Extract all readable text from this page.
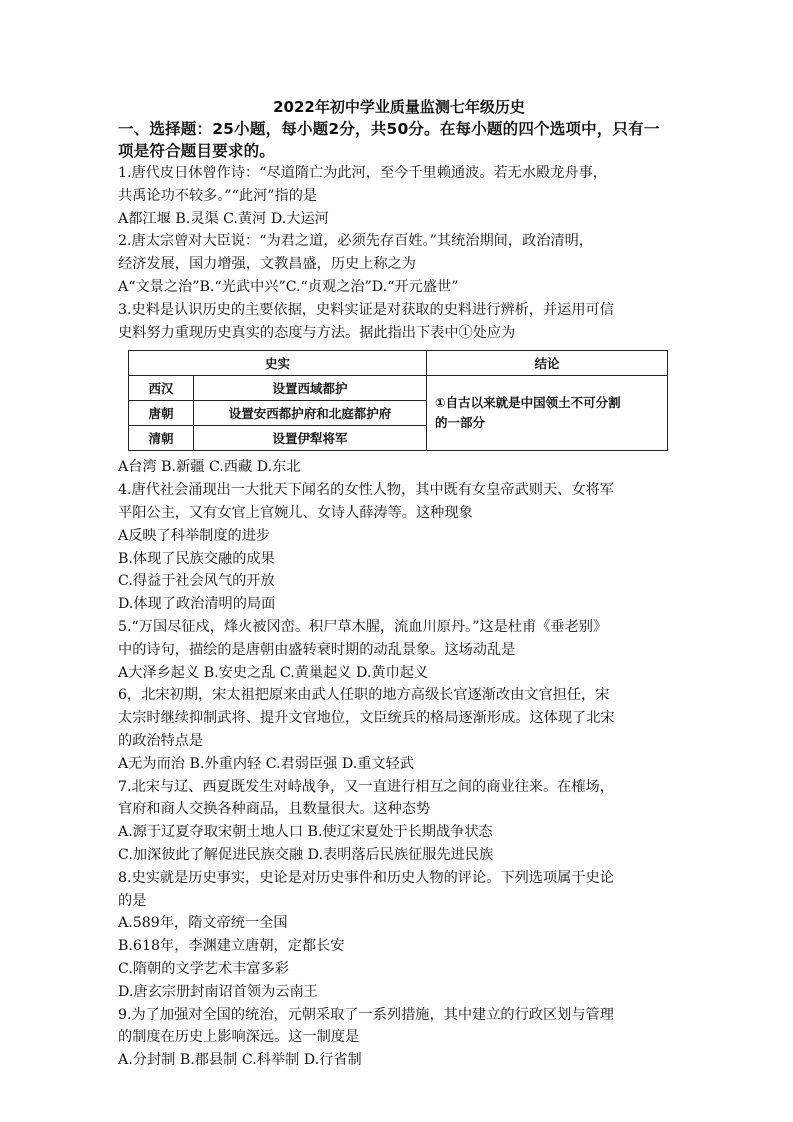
2022年初中学业质量监测七年级历史

一、选择题：25小题，每小题2分，共50分。在每小题的四个选项中，只有一

项是符合题目要求的。

1.唐代皮日休曾作诗：“尽道隋亡为此河，至今千里赖通波。若无水殿龙舟事，

共禹论功不较多。”“此河”指的是

A都江堰 B.灵渠 C.黄河 D.大运河

2.唐太宗曾对大臣说：“为君之道，必须先存百姓。”其统治期间，政治清明，

经济发展，国力增强，文教昌盛，历史上称之为

A“文景之治”B.“光武中兴”C.“贞观之治”D.“开元盛世”

3.史料是认识历史的主要依据，史料实证是对获取的史料进行辨析，并运用可信

史料努力重现历史真实的态度与方法。据此指出下表中①处应为

史实		结论
西汉	设置西域都护	①自古以来就是中国领土不可分割
的一部分
唐朝	设置安西都护府和北庭都护府	
清朝	设置伊犁将军	

A台湾 B.新疆 C.西藏 D.东北

4.唐代社会涌现出一大批天下闻名的女性人物，其中既有女皇帝武则天、女将军

平阳公主，又有女官上官婉儿、女诗人薛涛等。这种现象

A反映了科举制度的进步

B.体现了民族交融的成果

C.得益于社会风气的开放

D.体现了政治清明的局面

5.“万国尽征戍，烽火被冈峦。积尸草木腥，流血川原丹。”这是杜甫《垂老别》

中的诗句，描绘的是唐朝由盛转衰时期的动乱景象。这场动乱是

A大泽乡起义 B.安史之乱 C.黄巢起义 D.黄巾起义

6，北宋初期，宋太祖把原来由武人任职的地方高级长官逐渐改由文官担任，宋

太宗时继续抑制武将、提升文官地位，文臣统兵的格局逐渐形成。这体现了北宋

的政治特点是

A无为而治 B.外重内轻 C.君弱臣强 D.重文轻武

7.北宋与辽、西夏既发生对峙战争，又一直进行相互之间的商业往来。在榷场，

官府和商人交换各种商品，且数量很大。这种态势

A.源于辽夏夺取宋朝土地人口 B.使辽宋夏处于长期战争状态

C.加深彼此了解促进民族交融 D.表明落后民族征服先进民族

8.史实就是历史事实，史论是对历史事件和历史人物的评论。下列选项属于史论

的是

A.589年，隋文帝统一全国

B.618年，李渊建立唐朝，定都长安

C.隋朝的文学艺术丰富多彩

D.唐玄宗册封南诏首领为云南王

9.为了加强对全国的统治，元朝采取了一系列措施，其中建立的行政区划与管理

的制度在历史上影响深远。这一制度是

A.分封制 B.郡县制 C.科举制 D.行省制
